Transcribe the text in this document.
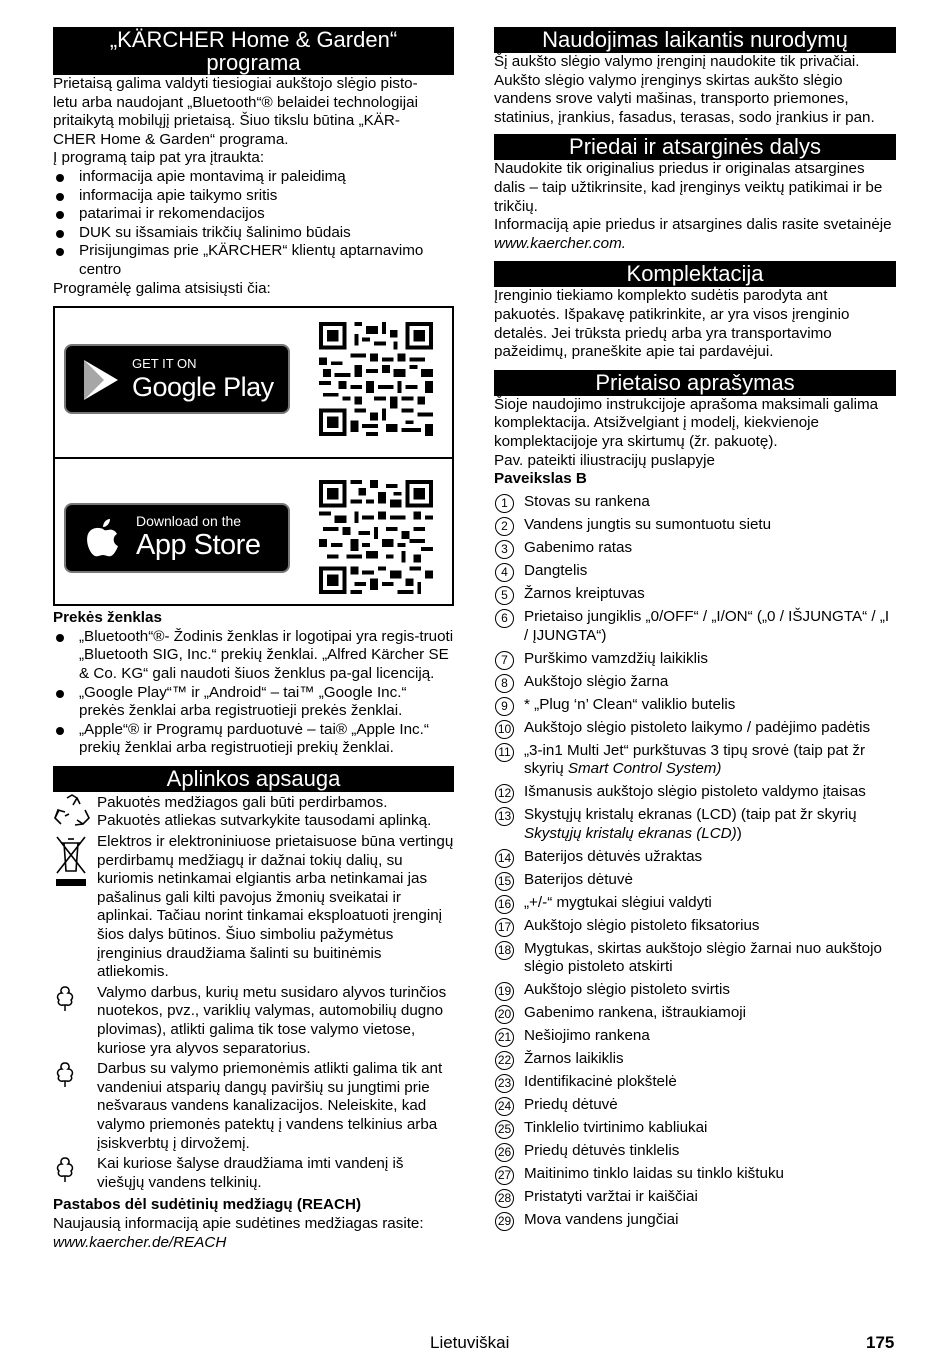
„KÄRCHER Home & Garden“
programa

Prietaisą galima valdyti tiesiogiai aukštojo slėgio pisto-

letu arba naudojant „Bluetooth“® belaidei technologijai

pritaikytą mobilųjį prietaisą. Šiuo tikslu būtina „KÄR-

CHER Home & Garden“ programa.

Į programą taip pat yra įtraukta:

informacija apie montavimą ir paleidimą
informacija apie taikymo sritis
patarimai ir rekomendacijos
DUK su išsamiais trikčių šalinimo būdais
Prisijungimas prie „KÄRCHER“ klientų aptarnavimo centro

Programėlę galima atsisiųsti čia:

GET IT ON
Google Play
Download on the
App Store

Prekės ženklas

„Bluetooth“®- Žodinis ženklas ir logotipai yra regis-truoti „Bluetooth SIG, Inc.“ prekių ženklai. „Alfred Kärcher SE & Co. KG“ gali naudoti šiuos ženklus pa-gal licenciją.
„Google Play“™ ir „Android“ – tai™ „Google Inc.“ prekės ženklai arba registruotieji prekės ženklai.
„Apple“® ir Programų parduotuvė – tai® „Apple Inc.“ prekių ženklai arba registruotieji prekių ženklai.
Aplinkos apsauga

Pakuotės medžiagos gali būti perdirbamos. Pakuotės atliekas sutvarkykite tausodami aplinką.

Elektros ir elektroniniuose prietaisuose būna vertingų perdirbamų medžiagų ir dažnai tokių dalių, su kuriomis netinkamai elgiantis arba netinkamai jas pašalinus gali kilti pavojus žmonių sveikatai ir aplinkai. Tačiau norint tinkamai eksploatuoti įrenginį šios dalys būtinos. Šiuo simboliu pažymėtus įrenginius draudžiama šalinti su buitinėmis atliekomis.

Valymo darbus, kurių metu susidaro alyvos turinčios nuotekos, pvz., variklių valymas, automobilių dugno plovimas), atlikti galima tik tose valymo vietose, kuriose yra alyvos separatorius.

Darbus su valymo priemonėmis atlikti galima tik ant vandeniui atsparių dangų paviršių su jungtimi prie nešvaraus vandens kanalizacijos. Neleiskite, kad valymo priemonės patektų į vandens telkinius arba įsiskverbtų į dirvožemį.

Kai kuriose šalyse draudžiama imti vandenį iš viešųjų vandens telkinių.

Pastabos dėl sudėtinių medžiagų (REACH)

Naujausią informaciją apie sudėtines medžiagas rasite:

www.kaercher.de/REACH

Naudojimas laikantis nurodymų

Šį aukšto slėgio valymo įrenginį naudokite tik privačiai. Aukšto slėgio valymo įrenginys skirtas aukšto slėgio vandens srove valyti mašinas, transporto priemones, statinius, įrankius, fasadus, terasas, sodo įrankius ir pan.

Priedai ir atsarginės dalys

Naudokite tik originalius priedus ir originalas atsargines dalis – taip užtikrinsite, kad įrenginys veiktų patikimai ir be trikčių.

Informaciją apie priedus ir atsargines dalis rasite svetainėje www.kaercher.com.

Komplektacija

Įrenginio tiekiamo komplekto sudėtis parodyta ant pakuotės. Išpakavę patikrinkite, ar yra visos įrenginio detalės. Jei trūksta priedų arba yra transportavimo pažeidimų, praneškite apie tai pardavėjui.

Prietaiso aprašymas

Šioje naudojimo instrukcijoje aprašoma maksimali galima komplektacija. Atsižvelgiant į modelį, kiekvienoje komplektacijoje yra skirtumų (žr. pakuotę).

Pav. pateikti iliustracijų puslapyje

Paveikslas B

1	Stovas su rankena
2	Vandens jungtis su sumontuotu sietu
3	Gabenimo ratas
4	Dangtelis
5	Žarnos kreiptuvas
6	Prietaiso jungiklis „0/OFF“ / „I/ON“ („0 / IŠJUNGTA“ / „I / ĮJUNGTA“)
7	Purškimo vamzdžių laikiklis
8	Aukštojo slėgio žarna
9	* „Plug ‘n’ Clean“ valiklio butelis
10 Aukštojo slėgio pistoleto laikymo / padėjimo padėtis
11 „3-in1 Multi Jet“ purkštuvas 3 tipų srovė (taip pat žr skyrių Smart Control System)
12 Išmanusis aukštojo slėgio pistoleto valdymo įtaisas
13 Skystųjų kristalų ekranas (LCD) (taip pat žr skyrių Skystųjų kristalų ekranas (LCD))
14 Baterijos dėtuvės užraktas
15 Baterijos dėtuvė
16 „+/-“ mygtukai slėgiui valdyti
17 Aukštojo slėgio pistoleto fiksatorius
18 Mygtukas, skirtas aukštojo slėgio žarnai nuo aukštojo slėgio pistoleto atskirti
19 Aukštojo slėgio pistoleto svirtis
20 Gabenimo rankena, ištraukiamoji
21 Nešiojimo rankena
22 Žarnos laikiklis
23 Identifikacinė plokštelė
24 Priedų dėtuvė
25 Tinklelio tvirtinimo kabliukai
26 Priedų dėtuvės tinklelis
27 Maitinimo tinklo laidas su tinklo kištuku
28 Pristatyti varžtai ir kaiščiai
29 Mova vandens jungčiai
Lietuviškai	175
